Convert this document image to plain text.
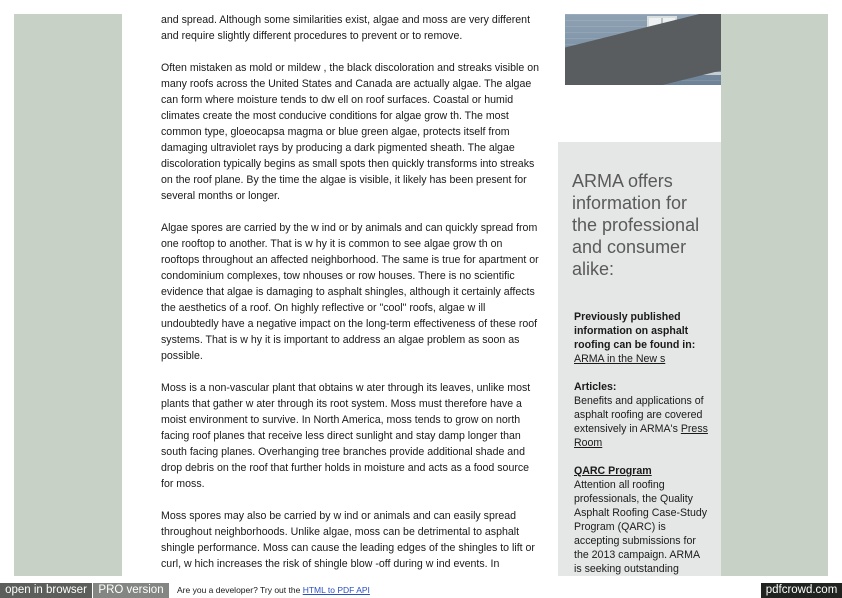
and spread. Although some similarities exist, algae and moss are very different and require slightly different procedures to prevent or to remove.

Often mistaken as mold or mildew , the black discoloration and streaks visible on many roofs across the United States and Canada are actually algae. The algae can form where moisture tends to dw ell on roof surfaces. Coastal or humid climates create the most conducive conditions for algae grow th. The most common type, gloeocapsa magma or blue green algae, protects itself from damaging ultraviolet rays by producing a dark pigmented sheath. The algae discoloration typically begins as small spots then quickly transforms into streaks on the roof plane. By the time the algae is visible, it likely has been present for several months or longer.

Algae spores are carried by the w ind or by animals and can quickly spread from one rooftop to another. That is w hy it is common to see algae grow th on rooftops throughout an affected neighborhood. The same is true for apartment or condominium complexes, tow nhouses or row houses. There is no scientific evidence that algae is damaging to asphalt shingles, although it certainly affects the aesthetics of a roof. On highly reflective or "cool" roofs, algae w ill undoubtedly have a negative impact on the long-term effectiveness of these roof systems. That is w hy it is important to address an algae problem as soon as possible.

Moss is a non-vascular plant that obtains w ater through its leaves, unlike most plants that gather w ater through its root system. Moss must therefore have a moist environment to survive. In North America, moss tends to grow on north facing roof planes that receive less direct sunlight and stay damp longer than south facing planes. Overhanging tree branches provide additional shade and drop debris on the roof that further holds in moisture and acts as a food source for moss.

Moss spores may also be carried by w ind or animals and can easily spread throughout neighborhoods. Unlike algae, moss can be detrimental to asphalt shingle performance. Moss can cause the leading edges of the shingles to lift or curl, w hich increases the risk of shingle blow -off during w ind events. In

ARMA offers information for the professional and consumer alike:
Previously published information on asphalt roofing can be found in:
ARMA in the New s
Articles:
Benefits and applications of asphalt roofing are covered extensively in ARMA's Press Room
QARC Program
Attention all roofing professionals, the Quality Asphalt Roofing Case-Study Program (QARC) is accepting submissions for the 2013 campaign. ARMA is seeking outstanding
open in browser	PRO version	Are you a developer? Try out the HTML to PDF API	pdfcrowd.com
